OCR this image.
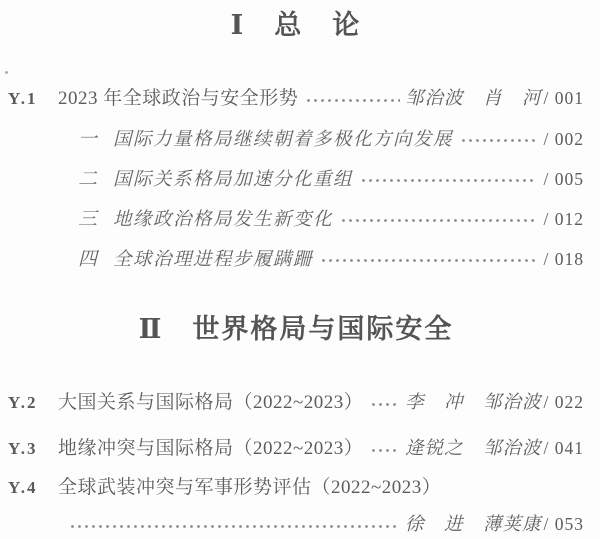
Ⅰ　总　论
Y.1	2023 年全球政治与安全形势	邹治波　肖　河 / 001
一 国际力量格局继续朝着多极化方向发展	/ 002
二 国际关系格局加速分化重组	/ 005
三 地缘政治格局发生新变化	/ 012
四 全球治理进程步履蹒跚	/ 018
Ⅱ　世界格局与国际安全
Y.2	大国关系与国际格局（2022~2023） 李　冲　邹治波 / 022
Y.3	地缘冲突与国际格局（2022~2023） 逄锐之　邹治波 / 041
Y.4	全球武装冲突与军事形势评估（2022~2023）
徐　进　薄荚康 / 053
